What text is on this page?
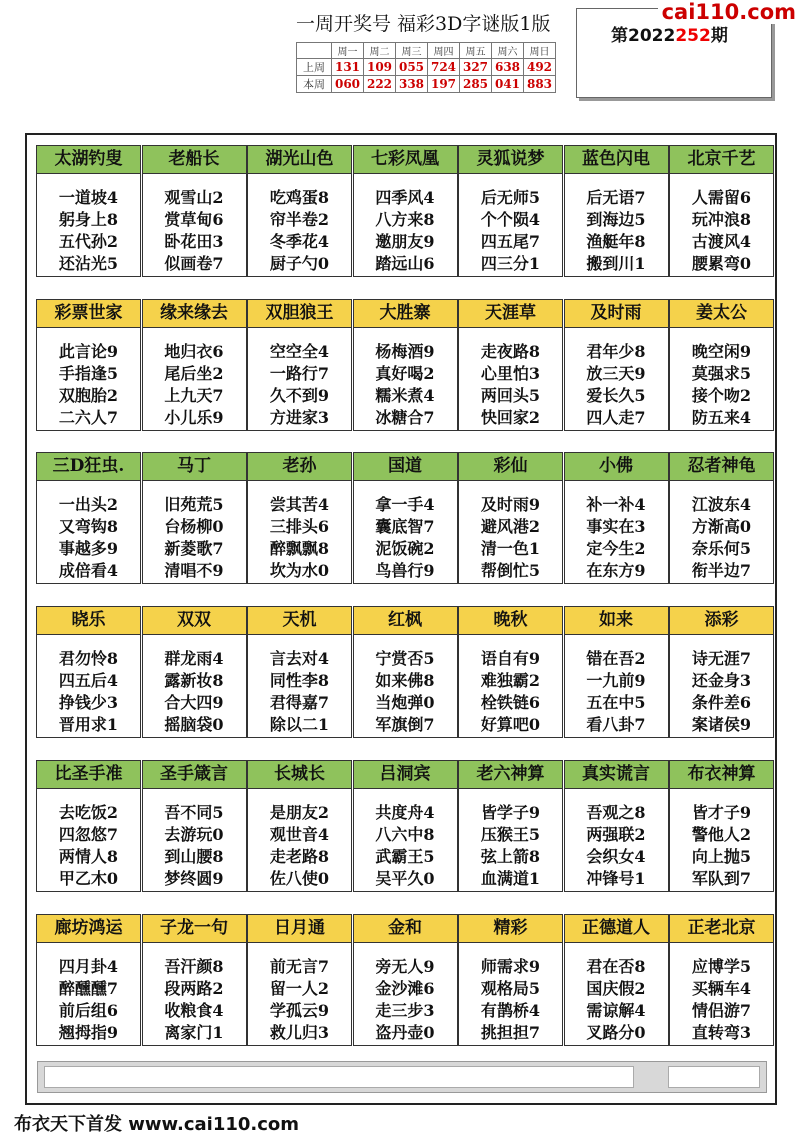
一周开奖号 福彩3D字谜版1版
	周一	周二	周三	周四	周五	周六	周日
上周	131	109	055	724	327	638	492
本周	060	222	338	197	285	041	883
第2022252期
cai110.com
太湖钓叟
一道坡4
躬身上8
五代孙2
还沾光5
老船长
观雪山2
赏草甸6
卧花田3
似画卷7
湖光山色
吃鸡蛋8
帘半卷2
冬季花4
厨子勺0
七彩凤凰
四季风4
八方来8
邀朋友9
踏远山6
灵狐说梦
后无师5
个个陨4
四五尾7
四三分1
蓝色闪电
后无语7
到海边5
渔艇年8
搬到川1
北京千艺
人需留6
玩冲浪8
古渡风4
腰累弯0
彩票世家
此言论9
手指逢5
双胞胎2
二六人7
缘来缘去
地归衣6
尾后坐2
上九天7
小儿乐9
双胆狼王
空空全4
一路行7
久不到9
方进家3
大胜寨
杨梅酒9
真好喝2
糯米煮4
冰糖合7
天涯草
走夜路8
心里怕3
两回头5
快回家2
及时雨
君年少8
放三天9
爱长久5
四人走7
姜太公
晚空闲9
莫强求5
接个吻2
防五来4
三D狂虫.
一出头2
又弯钩8
事越多9
成倍看4
马丁
旧苑荒5
台杨柳0
新菱歌7
清唱不9
老孙
尝其苦4
三排头6
醉飘飘8
坎为水0
国道
拿一手4
囊底智7
泥饭碗2
鸟兽行9
彩仙
及时雨9
避风港2
清一色1
帮倒忙5
小佛
补一补4
事实在3
定今生2
在东方9
忍者神龟
江波东4
方渐高0
奈乐何5
衔半边7
晓乐
君勿怜8
四五后4
挣钱少3
晋用求1
双双
群龙雨4
露新妆8
合大四9
摇脑袋0
天机
言去对4
同性李8
君得嘉7
除以二1
红枫
宁赏否5
如来佛8
当炮弹0
军旗倒7
晚秋
语自有9
难独霸2
栓铁链6
好算吧0
如来
错在吾2
一九前9
五在中5
看八卦7
添彩
诗无涯7
还金身3
条件差6
案诸侯9
比圣手准
去吃饭2
四忽悠7
两情人8
甲乙木0
圣手箴言
吾不同5
去游玩0
到山腰8
梦终圆9
长城长
是朋友2
观世音4
走老路8
佐八使0
吕洞宾
共度舟4
八六中8
武霸王5
吴平久0
老六神算
皆学子9
压猴王5
弦上箭8
血满道1
真实谎言
吾观之8
两强联2
会织女4
冲锋号1
布衣神算
皆才子9
警他人2
向上抛5
军队到7
廊坊鸿运
四月卦4
醉醺醺7
前后组6
翘拇指9
子龙一句
吾汗颜8
段两路2
收粮食4
离家门1
日月通
前无言7
留一人2
学孤云9
救儿归3
金和
旁无人9
金沙滩6
走三步3
盗丹壶0
精彩
师需求9
观格局5
有鹊桥4
挑担担7
正德道人
君在否8
国庆假2
需谅解4
叉路分0
正老北京
应博学5
买辆车4
情侣游7
直转弯3
布衣天下首发 www.cai110.com
